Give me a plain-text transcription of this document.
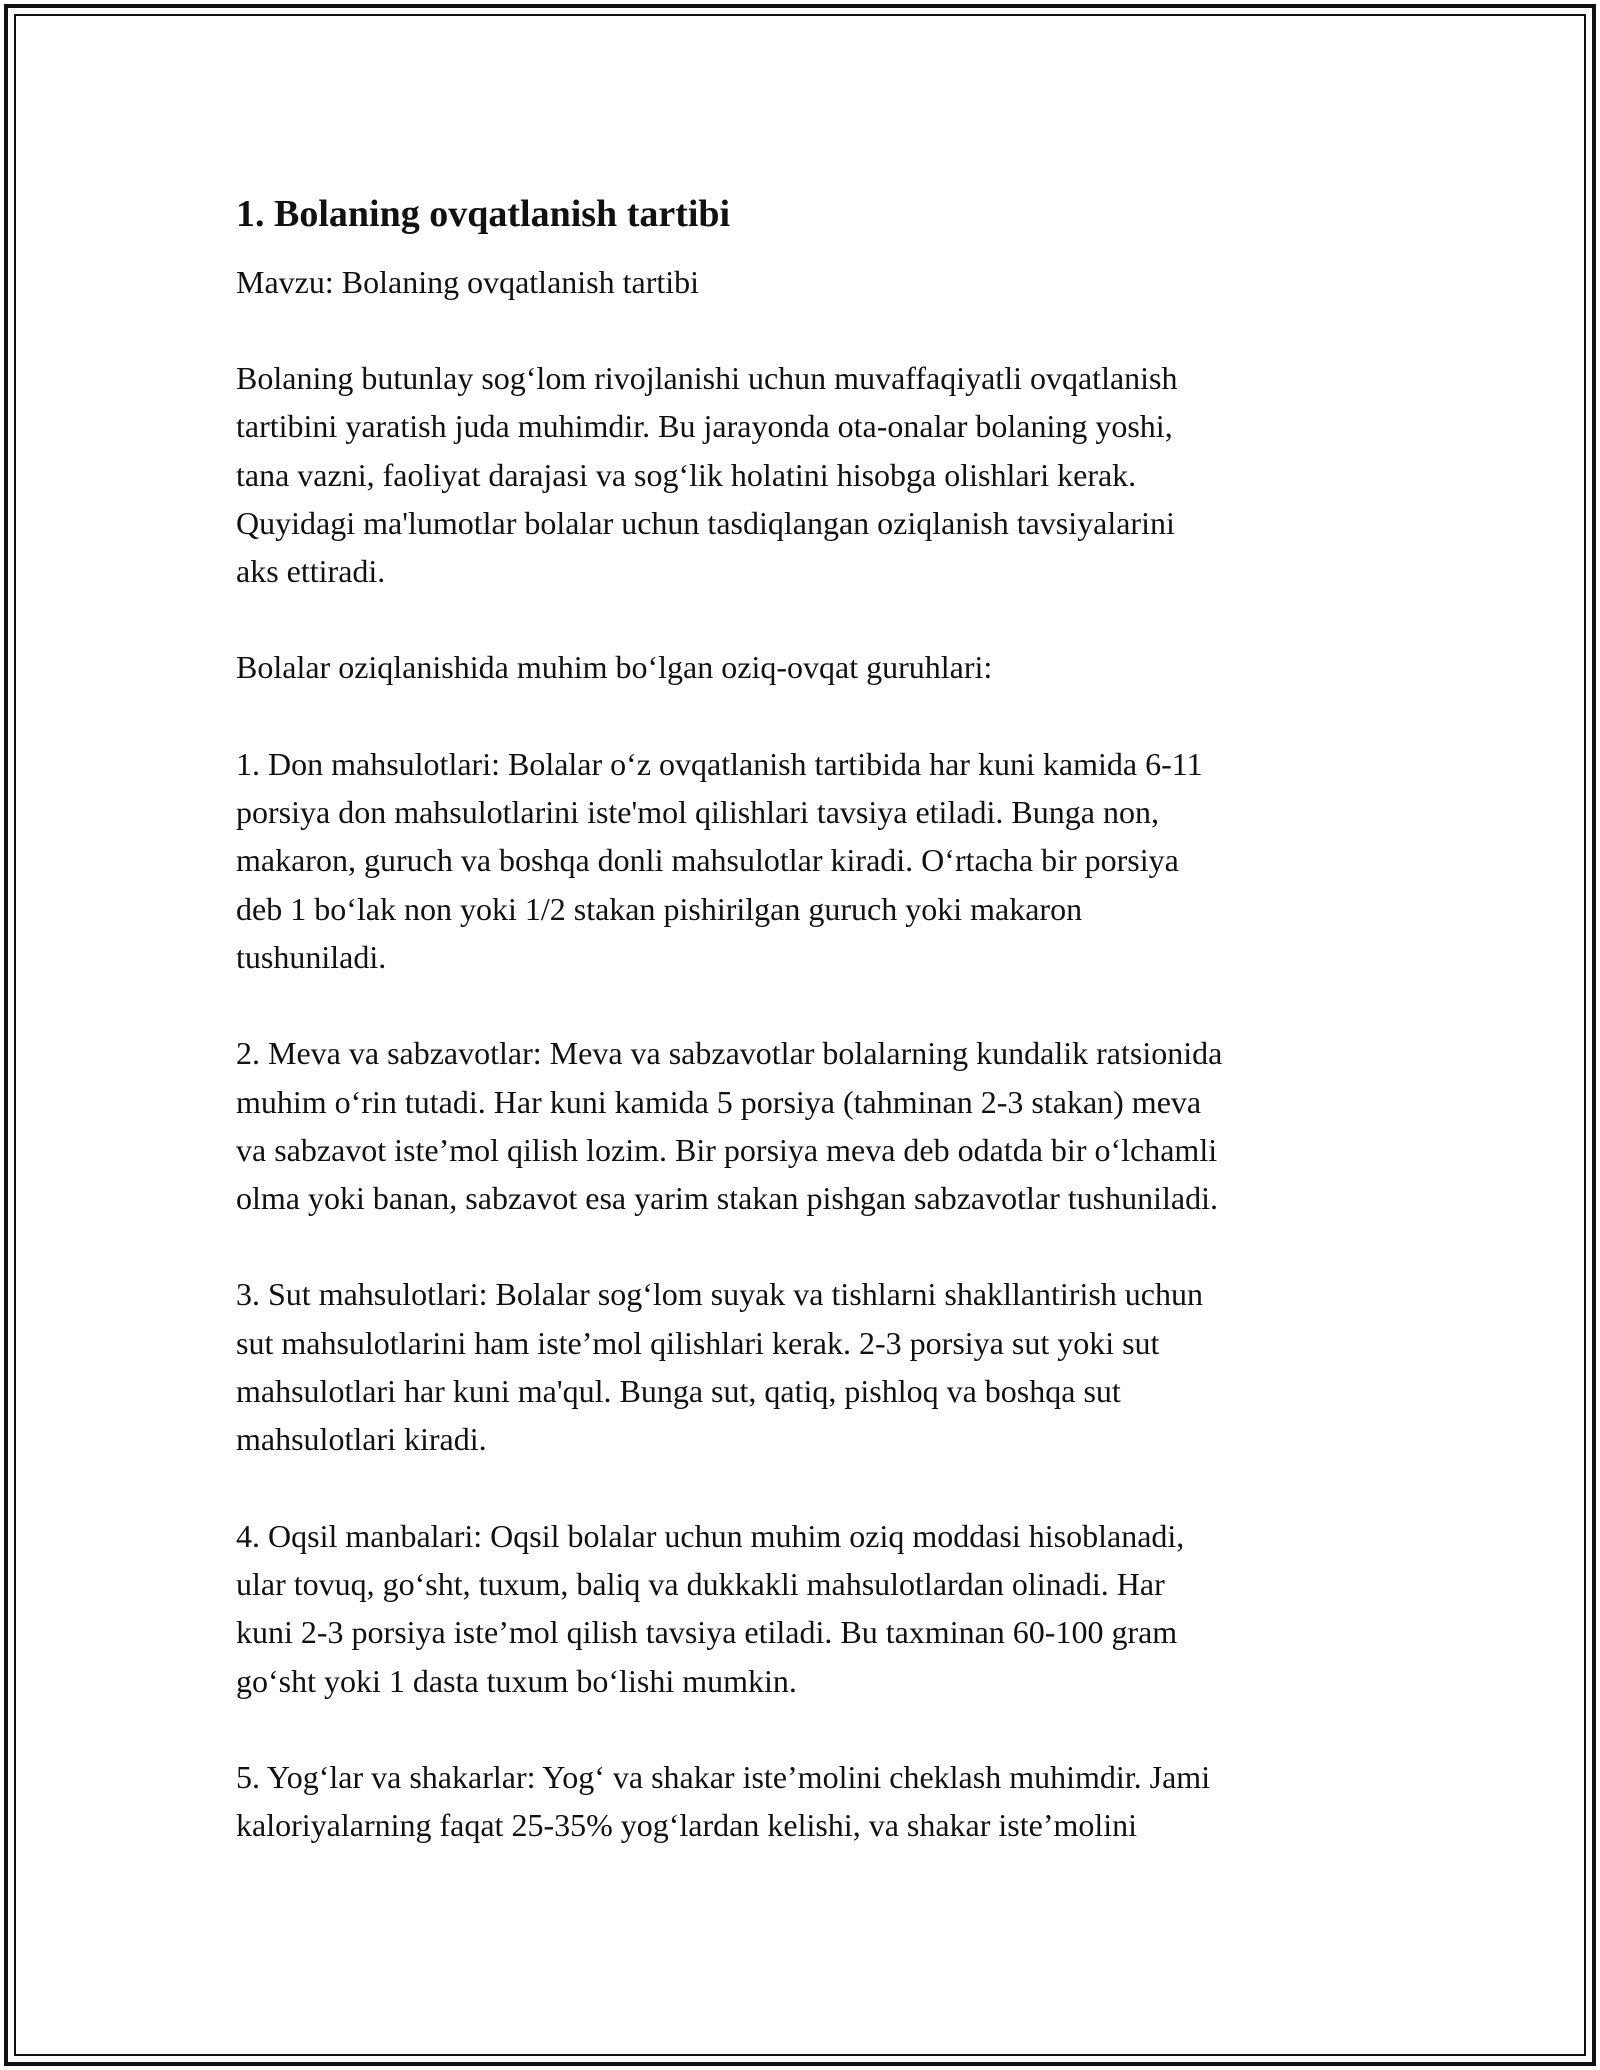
1. Bolaning ovqatlanish tartibi

Mavzu: Bolaning ovqatlanish tartibi

Bolaning butunlay sog‘lom rivojlanishi uchun muvaffaqiyatli ovqatlanish
tartibini yaratish juda muhimdir. Bu jarayonda ota-onalar bolaning yoshi,
tana vazni, faoliyat darajasi va sog‘lik holatini hisobga olishlari kerak.
Quyidagi ma'lumotlar bolalar uchun tasdiqlangan oziqlanish tavsiyalarini
aks ettiradi.

Bolalar oziqlanishida muhim bo‘lgan oziq-ovqat guruhlari:

1. Don mahsulotlari: Bolalar o‘z ovqatlanish tartibida har kuni kamida 6-11
porsiya don mahsulotlarini iste'mol qilishlari tavsiya etiladi. Bunga non,
makaron, guruch va boshqa donli mahsulotlar kiradi. O‘rtacha bir porsiya
deb 1 bo‘lak non yoki 1/2 stakan pishirilgan guruch yoki makaron
tushuniladi.

2. Meva va sabzavotlar: Meva va sabzavotlar bolalarning kundalik ratsionida
muhim o‘rin tutadi. Har kuni kamida 5 porsiya (tahminan 2-3 stakan) meva
va sabzavot iste’mol qilish lozim. Bir porsiya meva deb odatda bir o‘lchamli
olma yoki banan, sabzavot esa yarim stakan pishgan sabzavotlar tushuniladi.

3. Sut mahsulotlari: Bolalar sog‘lom suyak va tishlarni shakllantirish uchun
sut mahsulotlarini ham iste’mol qilishlari kerak. 2-3 porsiya sut yoki sut
mahsulotlari har kuni ma'qul. Bunga sut, qatiq, pishloq va boshqa sut
mahsulotlari kiradi.

4. Oqsil manbalari: Oqsil bolalar uchun muhim oziq moddasi hisoblanadi,
ular tovuq, go‘sht, tuxum, baliq va dukkakli mahsulotlardan olinadi. Har
kuni 2-3 porsiya iste’mol qilish tavsiya etiladi. Bu taxminan 60-100 gram
go‘sht yoki 1 dasta tuxum bo‘lishi mumkin.

5. Yog‘lar va shakarlar: Yog‘ va shakar iste’molini cheklash muhimdir. Jami
kaloriyalarning faqat 25-35% yog‘lardan kelishi, va shakar iste’molini
